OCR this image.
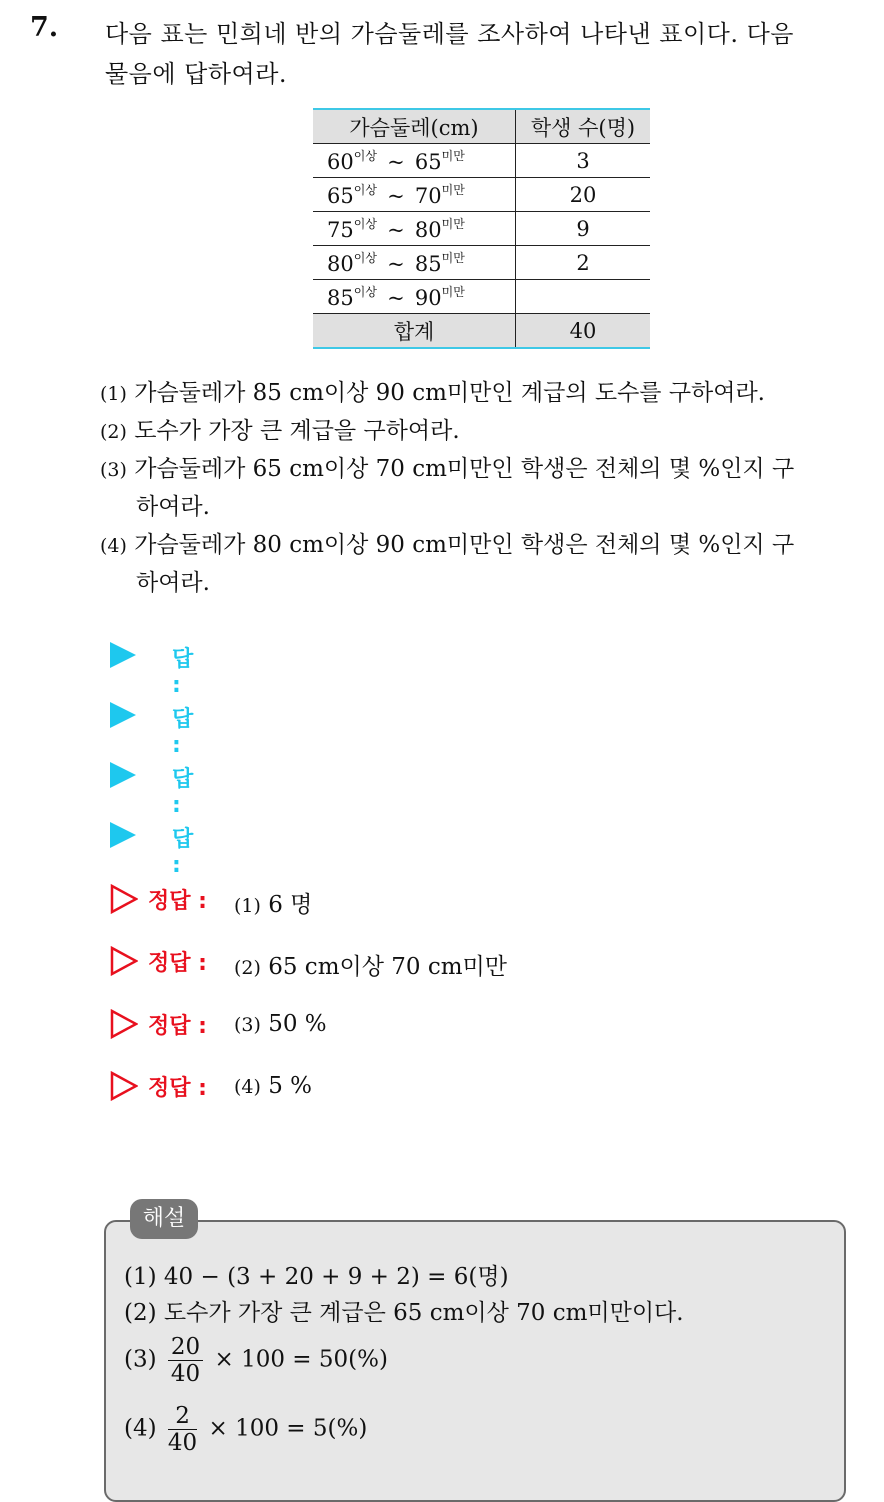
7. 다음 표는 민희네 반의 가슴둘레를 조사하여 나타낸 표이다. 다음
물음에 답하여라.
가슴둘레(cm)	학생 수(명)
$60^{이상}$ ~ $65^{미만}$	3
$65^{이상}$ ~ $70^{미만}$	20
$75^{이상}$ ~ $80^{미만}$	9
$80^{이상}$ ~ $85^{미만}$	2
$85^{이상}$ ~ $90^{미만}$	
합계	40
(1) 가슴둘레가 85 cm이상 90 cm미만인 계급의 도수를 구하여라.
(2) 도수가 가장 큰 계급을 구하여라.
(3) 가슴둘레가 65 cm이상 70 cm미만인 학생은 전체의 몇 %인지 구
하여라.
(4) 가슴둘레가 80 cm이상 90 cm미만인 학생은 전체의 몇 %인지 구
하여라.
답 :
답 :
답 :
답 :
정답 : (1) 6 명
정답 : (2) 65 cm이상 70 cm미만
정답 : (3) 50 %
정답 : (4) 5 %
해설
(1) 40 − (3 + 20 + 9 + 2) = 6(명)
(2) 도수가 가장 큰 계급은 65 cm이상 70 cm미만이다.
$(3) \frac{20}{40} \times 100 = 50(\%)$
$(4) \frac{2}{40} \times 100 = 5(\%)$
